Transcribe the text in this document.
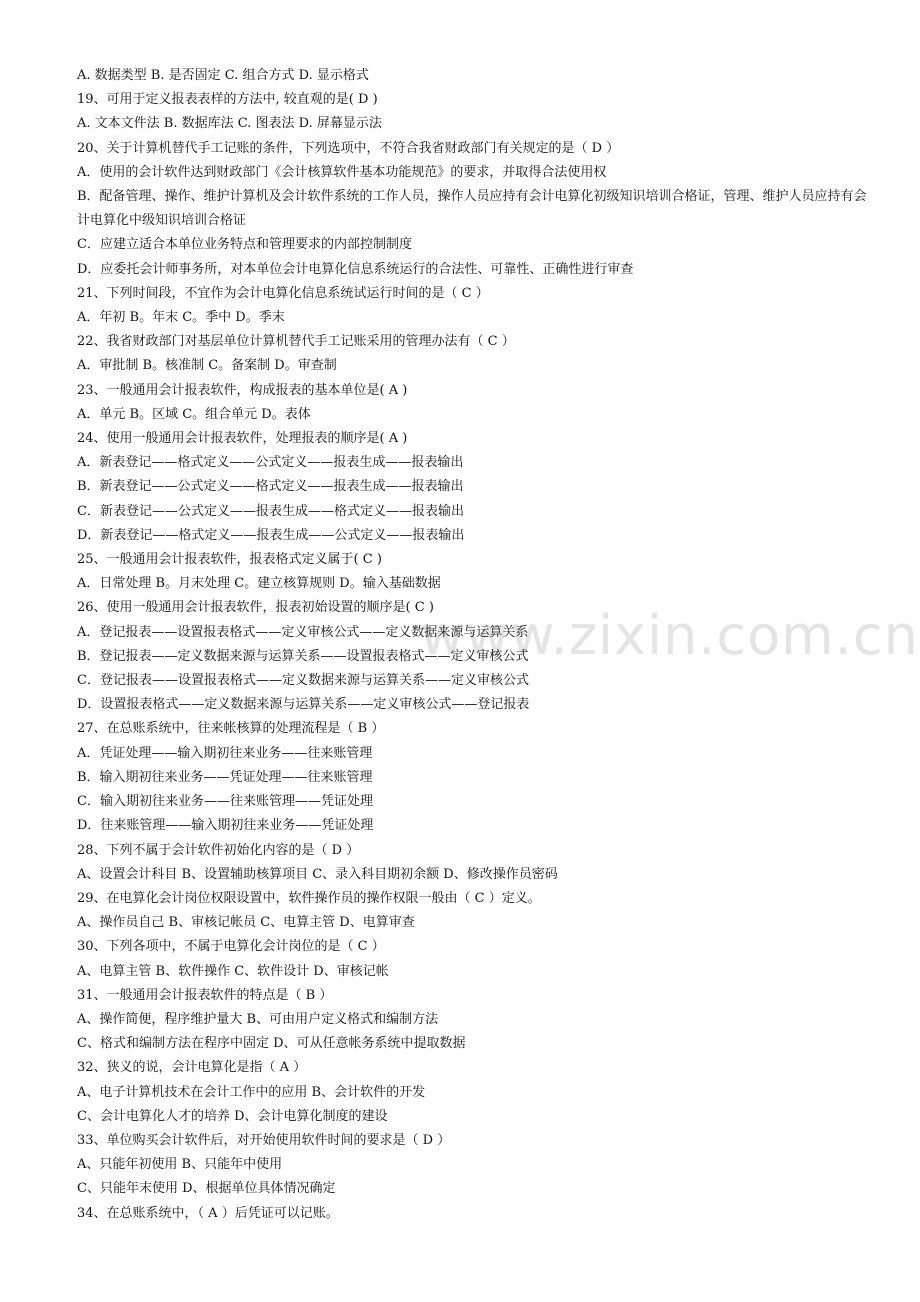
www.zixin.com.cn
A. 数据类型 B. 是否固定 C. 组合方式 D. 显示格式
19、可用于定义报表表样的方法中, 较直观的是( D )
A. 文本文件法 B. 数据库法 C. 图表法 D. 屏幕显示法
20、关于计算机替代手工记账的条件，下列选项中，不符合我省财政部门有关规定的是（ D ）
A．使用的会计软件达到财政部门《会计核算软件基本功能规范》的要求，并取得合法使用权
B．配备管理、操作、维护计算机及会计软件系统的工作人员，操作人员应持有会计电算化初级知识培训合格证，管理、维护人员应持有会计电算化中级知识培训合格证
C．应建立适合本单位业务特点和管理要求的内部控制制度
D．应委托会计师事务所，对本单位会计电算化信息系统运行的合法性、可靠性、正确性进行审查
21、下列时间段，不宜作为会计电算化信息系统试运行时间的是（ C ）
A．年初 B。年末 C。季中 D。季末
22、我省财政部门对基层单位计算机替代手工记账采用的管理办法有（ C ）
A．审批制 B。核准制 C。备案制 D。审查制
23、一般通用会计报表软件，构成报表的基本单位是( A )
A．单元 B。区域 C。组合单元 D。表体
24、使用一般通用会计报表软件，处理报表的顺序是( A )
A．新表登记——格式定义——公式定义——报表生成——报表输出
B．新表登记——公式定义——格式定义——报表生成——报表输出
C．新表登记——公式定义——报表生成——格式定义——报表输出
D．新表登记——格式定义——报表生成——公式定义——报表输出
25、一般通用会计报表软件，报表格式定义属于( C )
A．日常处理 B。月末处理 C。建立核算规则 D。输入基础数据
26、使用一般通用会计报表软件，报表初始设置的顺序是( C )
A．登记报表——设置报表格式——定义审核公式——定义数据来源与运算关系
B．登记报表——定义数据来源与运算关系——设置报表格式——定义审核公式
C．登记报表——设置报表格式——定义数据来源与运算关系——定义审核公式
D．设置报表格式——定义数据来源与运算关系——定义审核公式——登记报表
27、在总账系统中，往来帐核算的处理流程是（ B ）
A．凭证处理——输入期初往来业务——往来账管理
B．输入期初往来业务——凭证处理——往来账管理
C．输入期初往来业务——往来账管理——凭证处理
D．往来账管理——输入期初往来业务——凭证处理
28、下列不属于会计软件初始化内容的是（ D ）
A、设置会计科目 B、设置辅助核算项目 C、录入科目期初余额 D、修改操作员密码
29、在电算化会计岗位权限设置中，软件操作员的操作权限一般由（ C ）定义。
A、操作员自己 B、审核记帐员 C、电算主管 D、电算审查
30、下列各项中，不属于电算化会计岗位的是（ C ）
A、电算主管 B、软件操作 C、软件设计 D、审核记帐
31、一般通用会计报表软件的特点是（ B ）
A、操作简便，程序维护量大 B、可由用户定义格式和编制方法
C、格式和编制方法在程序中固定 D、可从任意帐务系统中提取数据
32、狭义的说，会计电算化是指（ A ）
A、电子计算机技术在会计工作中的应用 B、会计软件的开发
C、会计电算化人才的培养 D、会计电算化制度的建设
33、单位购买会计软件后，对开始使用软件时间的要求是（ D ）
A、只能年初使用 B、只能年中使用
C、只能年末使用 D、根据单位具体情况确定
34、在总账系统中，（ A ）后凭证可以记账。
